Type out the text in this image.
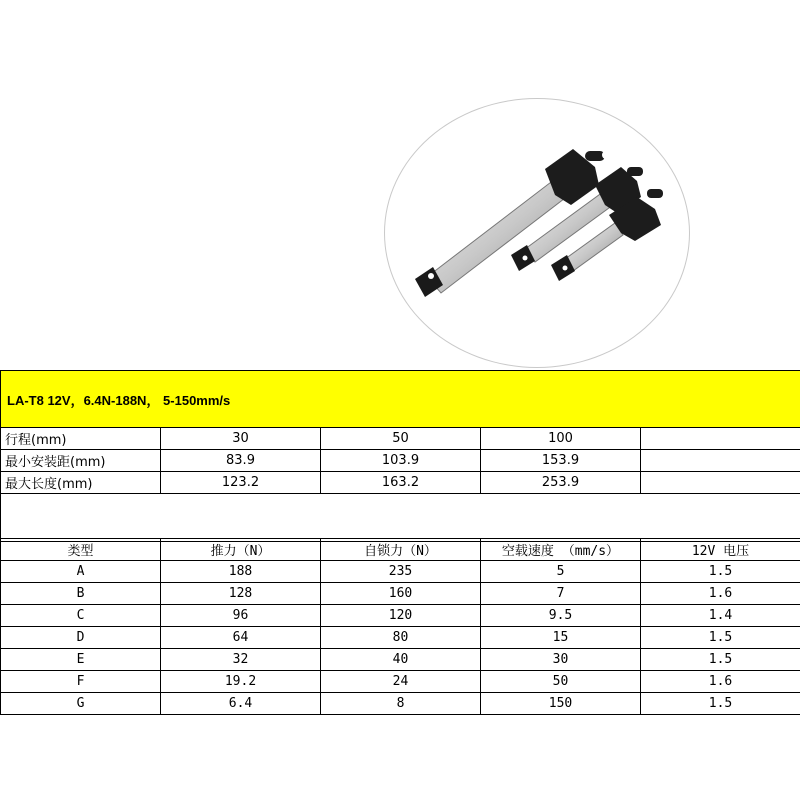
LA-T8 12V，6.4N-188N， 5-150mm/s				
行程(mm)	30	50	100	
最小安装距(mm)	83.9	103.9	153.9	
最大长度(mm)	123.2	163.2	253.9	

类型	推力（N）	自锁力（N）	空载速度 （mm/s）	12V 电压
A	188	235	5	1.5
B	128	160	7	1.6
C	96	120	9.5	1.4
D	64	80	15	1.5
E	32	40	30	1.5
F	19.2	24	50	1.6
G	6.4	8	150	1.5
